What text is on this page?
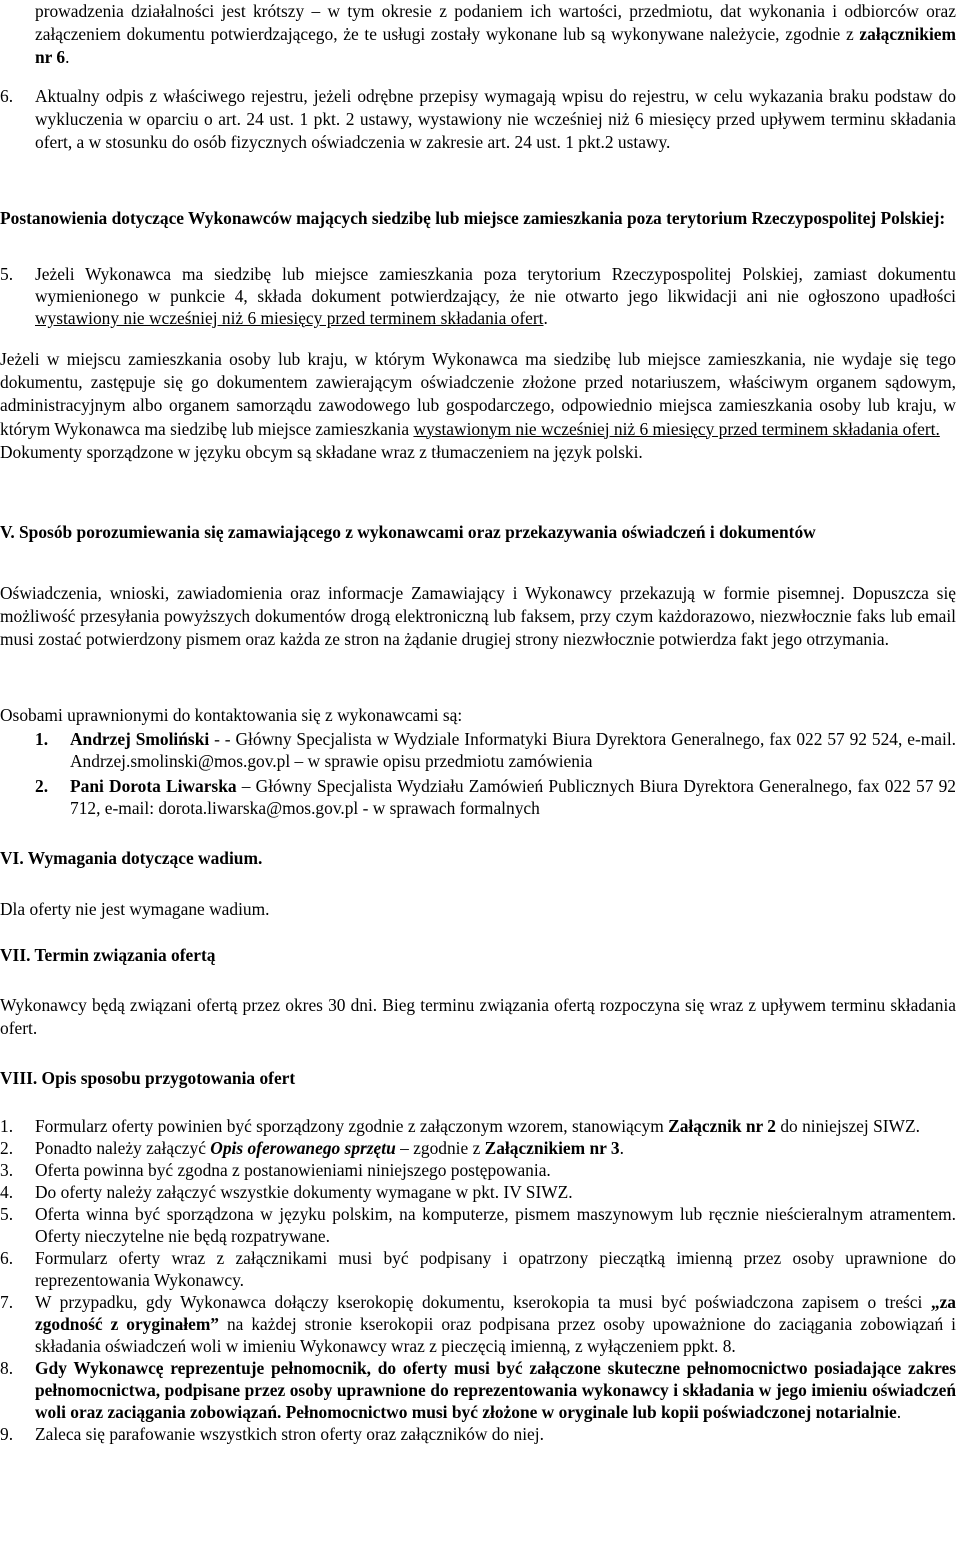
prowadzenia działalności jest krótszy – w tym okresie z podaniem ich wartości, przedmiotu, dat wykonania i odbiorców oraz załączeniem dokumentu potwierdzającego, że te usługi zostały wykonane lub są wykonywane należycie, zgodnie z załącznikiem nr 6.

6. Aktualny odpis z właściwego rejestru, jeżeli odrębne przepisy wymagają wpisu do rejestru, w celu wykazania braku podstaw do wykluczenia w oparciu o art. 24 ust. 1 pkt. 2 ustawy, wystawiony nie wcześniej niż 6 miesięcy przed upływem terminu składania ofert, a w stosunku do osób fizycznych oświadczenia w zakresie art. 24 ust. 1 pkt.2 ustawy.

Postanowienia dotyczące Wykonawców mających siedzibę lub miejsce zamieszkania poza terytorium Rzeczypospolitej Polskiej:

5. Jeżeli Wykonawca ma siedzibę lub miejsce zamieszkania poza terytorium Rzeczypospolitej Polskiej, zamiast dokumentu wymienionego w punkcie 4, składa dokument potwierdzający, że nie otwarto jego likwidacji ani nie ogłoszono upadłości wystawiony nie wcześniej niż 6 miesięcy przed terminem składania ofert.

Jeżeli w miejscu zamieszkania osoby lub kraju, w którym Wykonawca ma siedzibę lub miejsce zamieszkania, nie wydaje się tego dokumentu, zastępuje się go dokumentem zawierającym oświadczenie złożone przed notariuszem, właściwym organem sądowym, administracyjnym albo organem samorządu zawodowego lub gospodarczego, odpowiednio miejsca zamieszkania osoby lub kraju, w którym Wykonawca ma siedzibę lub miejsce zamieszkania wystawionym nie wcześniej niż 6 miesięcy przed terminem składania ofert.

Dokumenty sporządzone w języku obcym są składane wraz z tłumaczeniem na język polski.

V. Sposób porozumiewania się zamawiającego z wykonawcami oraz przekazywania oświadczeń i dokumentów

Oświadczenia, wnioski, zawiadomienia oraz informacje Zamawiający i Wykonawcy przekazują w formie pisemnej. Dopuszcza się możliwość przesyłania powyższych dokumentów drogą elektroniczną lub faksem, przy czym każdorazowo, niezwłocznie faks lub email musi zostać potwierdzony pismem oraz każda ze stron na żądanie drugiej strony niezwłocznie potwierdza fakt jego otrzymania.

Osobami uprawnionymi do kontaktowania się z wykonawcami są:

1. Andrzej Smoliński - - Główny Specjalista w Wydziale Informatyki Biura Dyrektora Generalnego, fax 022 57 92 524, e-mail. Andrzej.smolinski@mos.gov.pl – w sprawie opisu przedmiotu zamówienia
2. Pani Dorota Liwarska – Główny Specjalista Wydziału Zamówień Publicznych Biura Dyrektora Generalnego, fax 022 57 92 712, e-mail: dorota.liwarska@mos.gov.pl - w sprawach formalnych

VI. Wymagania dotyczące wadium.

Dla oferty nie jest wymagane wadium.

VII. Termin związania ofertą

Wykonawcy będą związani ofertą przez okres 30 dni. Bieg terminu związania ofertą rozpoczyna się wraz z upływem terminu składania ofert.

VIII. Opis sposobu przygotowania ofert

1. Formularz oferty powinien być sporządzony zgodnie z załączonym wzorem, stanowiącym Załącznik nr 2 do niniejszej SIWZ.
2. Ponadto należy załączyć Opis oferowanego sprzętu – zgodnie z Załącznikiem nr 3.
3. Oferta powinna być zgodna z postanowieniami niniejszego postępowania.
4. Do oferty należy załączyć wszystkie dokumenty wymagane w pkt. IV SIWZ.
5. Oferta winna być sporządzona w języku polskim, na komputerze, pismem maszynowym lub ręcznie nieścieralnym atramentem. Oferty nieczytelne nie będą rozpatrywane.
6. Formularz oferty wraz z załącznikami musi być podpisany i opatrzony pieczątką imienną przez osoby uprawnione do reprezentowania Wykonawcy.
7. W przypadku, gdy Wykonawca dołączy kserokopię dokumentu, kserokopia ta musi być poświadczona zapisem o treści „za zgodność z oryginałem” na każdej stronie kserokopii oraz podpisana przez osoby upoważnione do zaciągania zobowiązań i składania oświadczeń woli w imieniu Wykonawcy wraz z pieczęcią imienną, z wyłączeniem ppkt. 8.
8. Gdy Wykonawcę reprezentuje pełnomocnik, do oferty musi być załączone skuteczne pełnomocnictwo posiadające zakres pełnomocnictwa, podpisane przez osoby uprawnione do reprezentowania wykonawcy i składania w jego imieniu oświadczeń woli oraz zaciągania zobowiązań. Pełnomocnictwo musi być złożone w oryginale lub kopii poświadczonej notarialnie.
9. Zaleca się parafowanie wszystkich stron oferty oraz załączników do niej.
